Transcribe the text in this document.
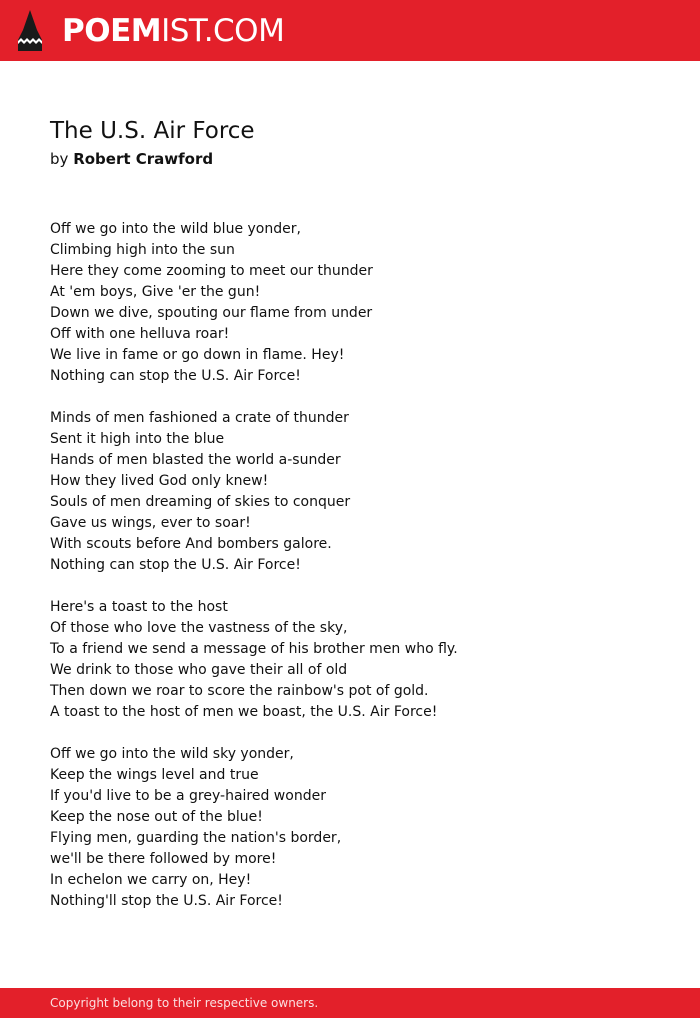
POEMIST.COM
The U.S. Air Force
by Robert Crawford
Off we go into the wild blue yonder,
Climbing high into the sun
Here they come zooming to meet our thunder
At 'em boys, Give 'er the gun!
Down we dive, spouting our flame from under
Off with one helluva roar!
We live in fame or go down in flame. Hey!
Nothing can stop the U.S. Air Force!
Minds of men fashioned a crate of thunder
Sent it high into the blue
Hands of men blasted the world a-sunder
How they lived God only knew!
Souls of men dreaming of skies to conquer
Gave us wings, ever to soar!
With scouts before And bombers galore.
Nothing can stop the U.S. Air Force!
Here's a toast to the host
Of those who love the vastness of the sky,
To a friend we send a message of his brother men who fly.
We drink to those who gave their all of old
Then down we roar to score the rainbow's pot of gold.
A toast to the host of men we boast, the U.S. Air Force!
Off we go into the wild sky yonder,
Keep the wings level and true
If you'd live to be a grey-haired wonder
Keep the nose out of the blue!
Flying men, guarding the nation's border,
we'll be there followed by more!
In echelon we carry on, Hey!
Nothing'll stop the U.S. Air Force!
Copyright belong to their respective owners.
